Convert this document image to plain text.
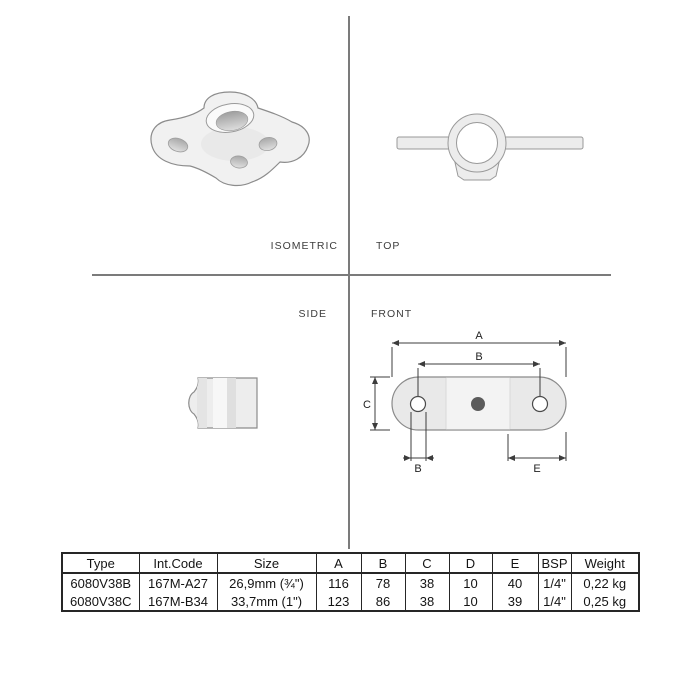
ISOMETRIC	TOP
SIDE	FRONT
A
B
C
B	E
Type	Int.Code	Size	A	B	C	D	E	BSP	Weight
6080V38B	167M-A27	26,9mm (¾")	116	78	38	10	40	1/4"	0,22 kg
6080V38C	167M-B34	33,7mm (1")	123	86	38	10	39	1/4"	0,25 kg
